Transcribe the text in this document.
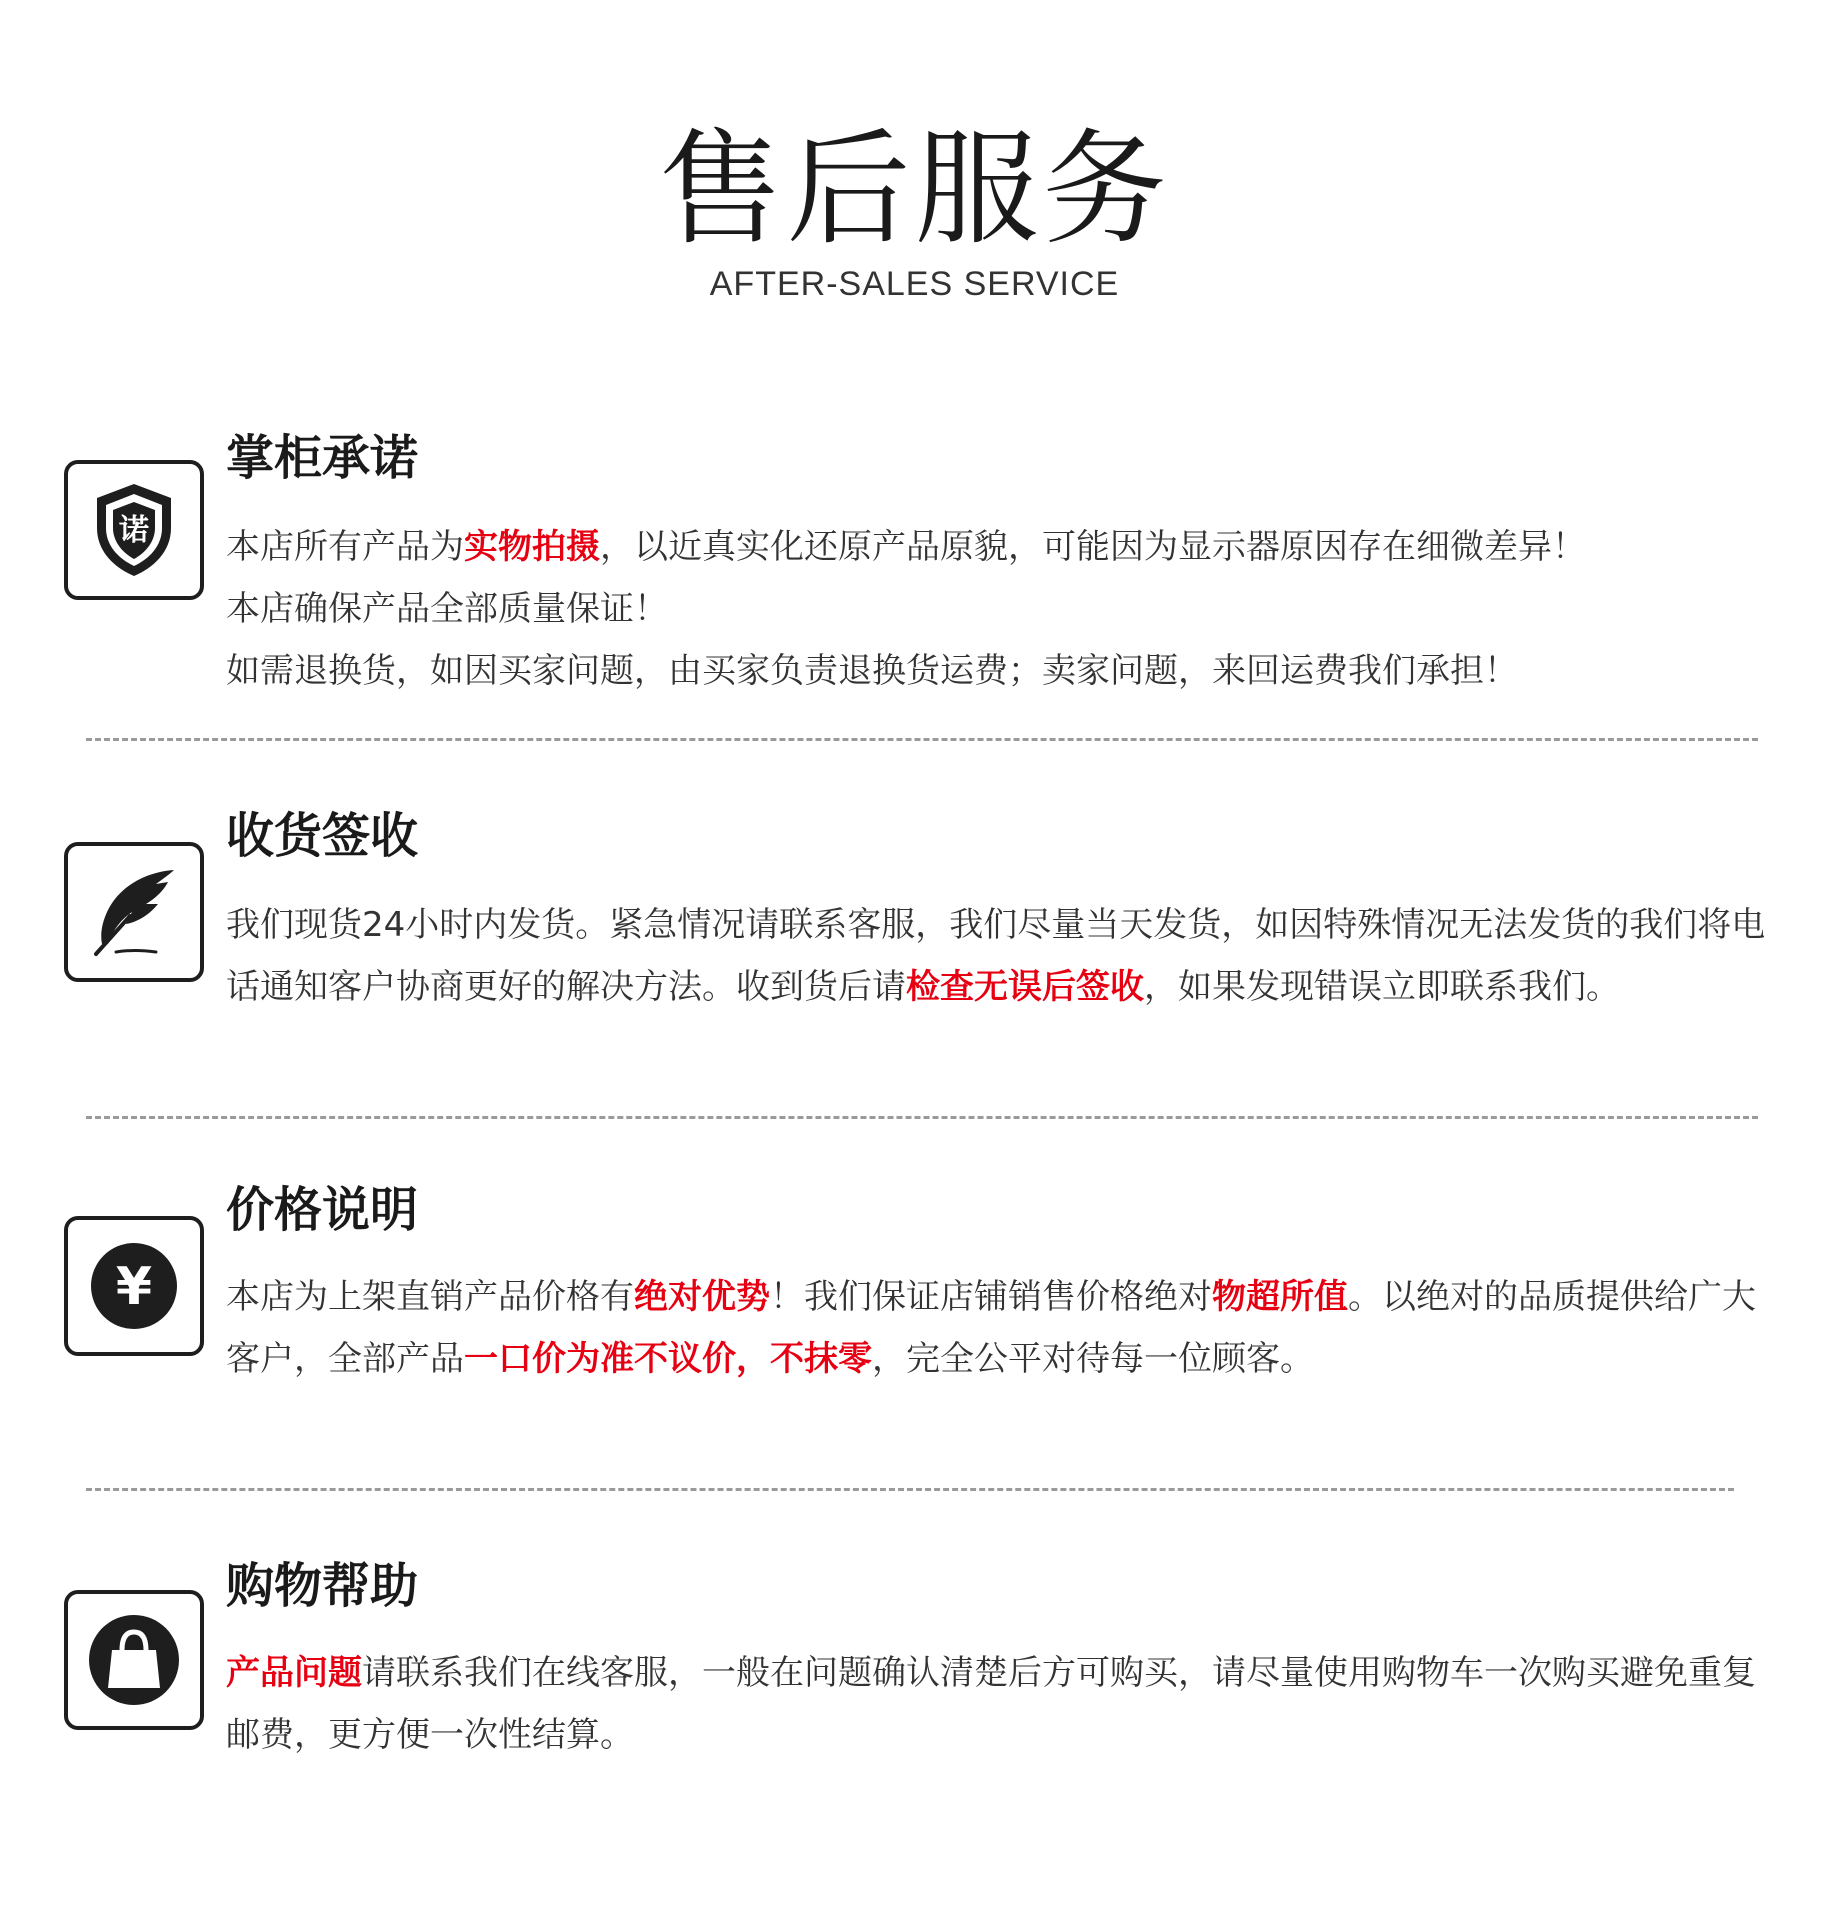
售后服务
AFTER-SALES SERVICE
诺
掌柜承诺

本店所有产品为实物拍摄，以近真实化还原产品原貌，可能因为显示器原因存在细微差异！

本店确保产品全部质量保证！

如需退换货，如因买家问题，由买家负责退换货运费；卖家问题，来回运费我们承担！

收货签收

我们现货24小时内发货。紧急情况请联系客服，我们尽量当天发货，如因特殊情况无法发货的我们将电话通知客户协商更好的解决方法。收到货后请检查无误后签收，如果发现错误立即联系我们。

¥
价格说明

本店为上架直销产品价格有绝对优势！我们保证店铺销售价格绝对物超所值。以绝对的品质提供给广大客户，全部产品一口价为准不议价，不抹零，完全公平对待每一位顾客。

购物帮助

产品问题请联系我们在线客服，一般在问题确认清楚后方可购买，请尽量使用购物车一次购买避免重复邮费，更方便一次性结算。
